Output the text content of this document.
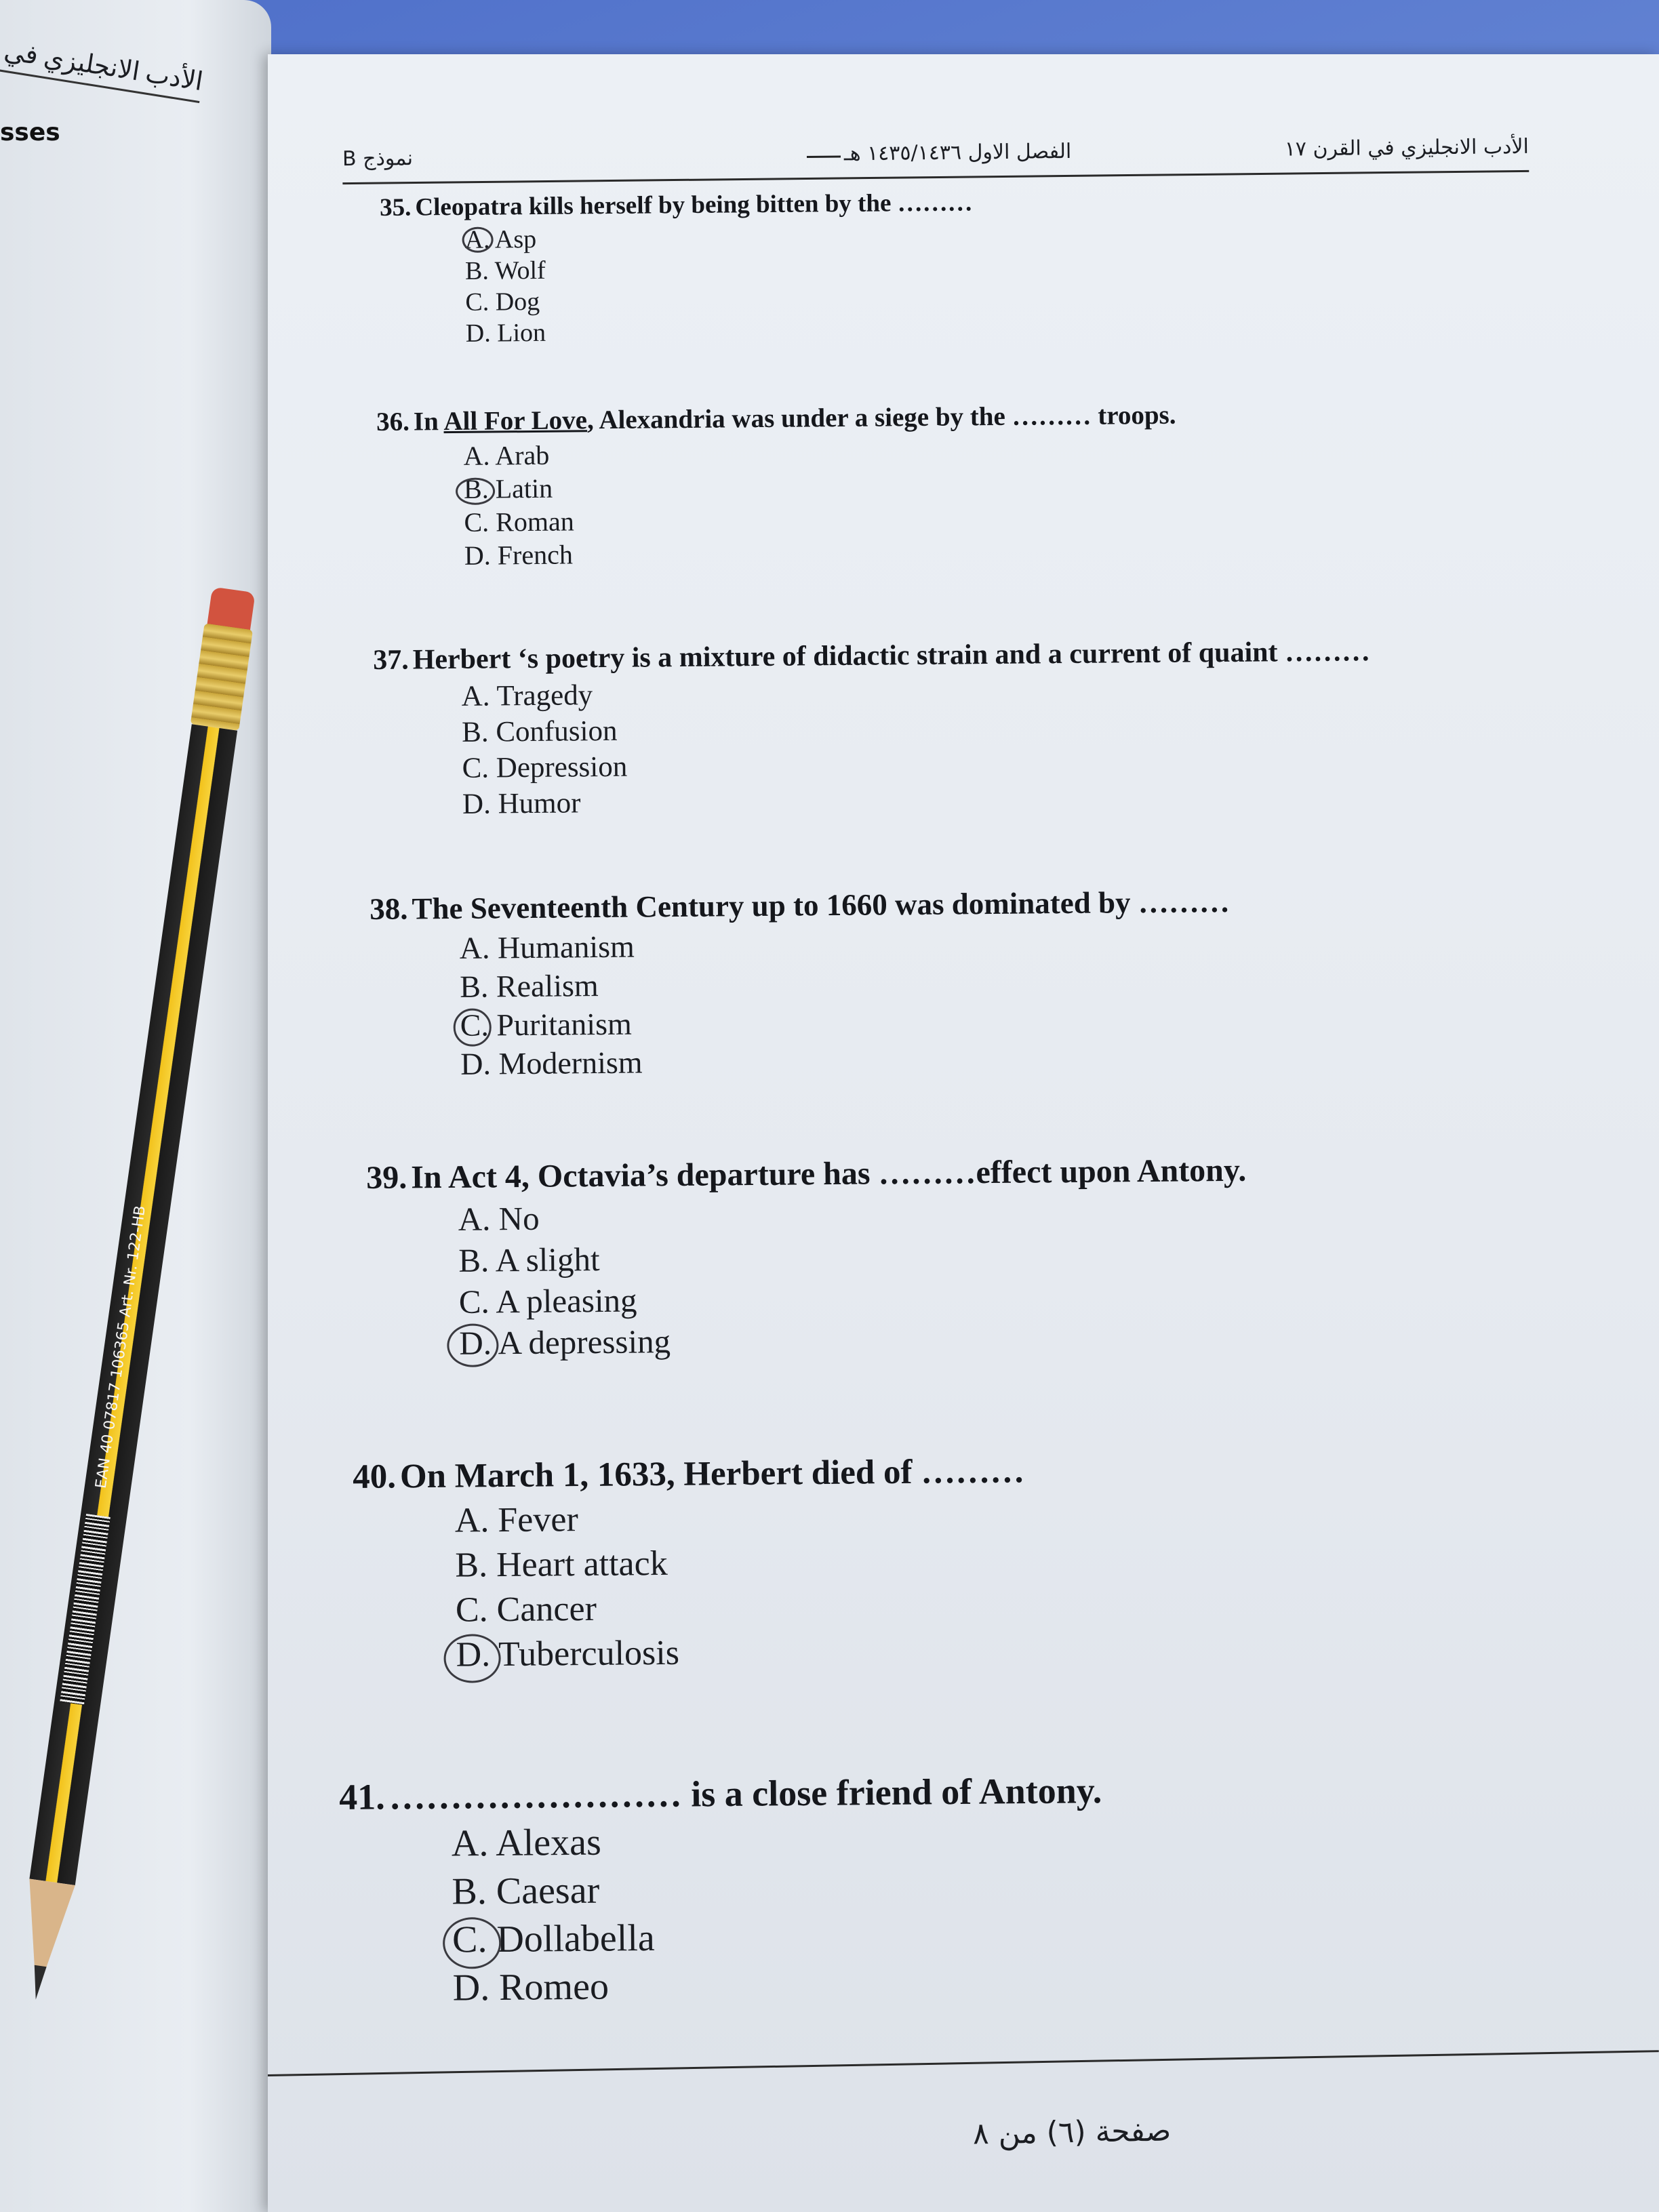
الأدب الانجليزي في
sses
نموذج B	الفصل الاول ١٤٣٥/١٤٣٦ هـ	الأدب الانجليزي في القرن ١٧
35. Cleopatra kills herself by being bitten by the ………
A. Asp
B. Wolf
C. Dog
D. Lion
36. In All For Love, Alexandria was under a siege by the ……… troops.
A. Arab
B. Latin
C. Roman
D. French
37. Herbert ‘s poetry is a mixture of didactic strain and a current of quaint ………
A. Tragedy
B. Confusion
C. Depression
D. Humor
38. The Seventeenth Century up to 1660 was dominated by ………
A. Humanism
B. Realism
C. Puritanism
D. Modernism
39. In Act 4, Octavia’s departure has ………effect upon Antony.
A. No
B. A slight
C. A pleasing
D. A depressing
40. On March 1, 1633, Herbert died of ………
A. Fever
B. Heart attack
C. Cancer
D. Tuberculosis
41. …………………… is a close friend of Antony.
A. Alexas
B. Caesar
C. Dollabella
D. Romeo
صفحة (٦) من ٨
EAN 40 07817 106365 Art. Nr. 122-HB
